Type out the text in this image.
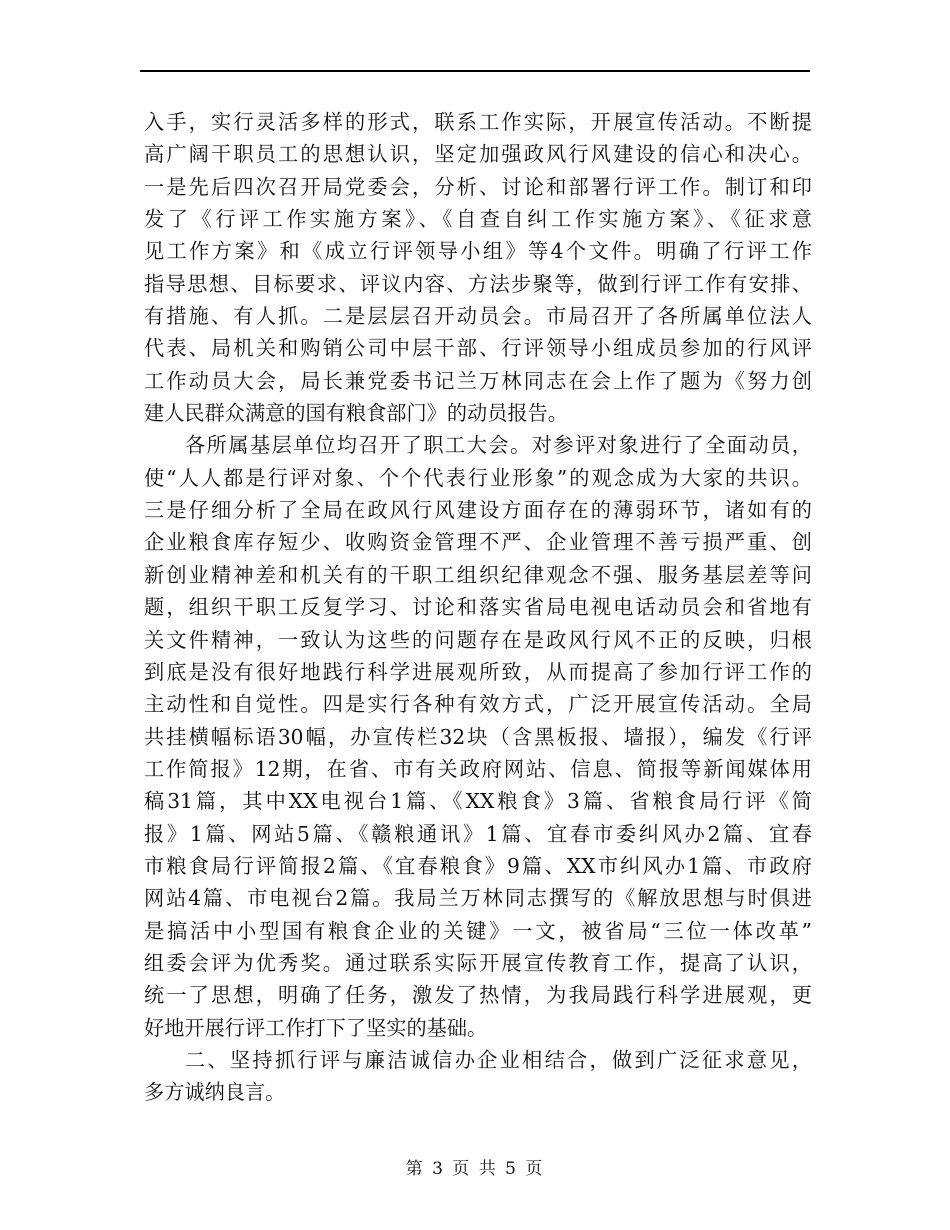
入手，实行灵活多样的形式，联系工作实际，开展宣传活动。不断提
高广阔干职员工的思想认识，坚定加强政风行风建设的信心和决心。
一是先后四次召开局党委会，分析、讨论和部署行评工作。制订和印
发了《行评工作实施方案》、《自查自纠工作实施方案》、《征求意
见工作方案》和《成立行评领导小组》等4个文件。明确了行评工作
指导思想、目标要求、评议内容、方法步聚等，做到行评工作有安排、
有措施、有人抓。二是层层召开动员会。市局召开了各所属单位法人
代表、局机关和购销公司中层干部、行评领导小组成员参加的行风评
工作动员大会，局长兼党委书记兰万林同志在会上作了题为《努力创
建人民群众满意的国有粮食部门》的动员报告。
各所属基层单位均召开了职工大会。对参评对象进行了全面动员，
使“人人都是行评对象、个个代表行业形象”的观念成为大家的共识。
三是仔细分析了全局在政风行风建设方面存在的薄弱环节，诸如有的
企业粮食库存短少、收购资金管理不严、企业管理不善亏损严重、创
新创业精神差和机关有的干职工组织纪律观念不强、服务基层差等问
题，组织干职工反复学习、讨论和落实省局电视电话动员会和省地有
关文件精神，一致认为这些的问题存在是政风行风不正的反映，归根
到底是没有很好地践行科学进展观所致，从而提高了参加行评工作的
主动性和自觉性。四是实行各种有效方式，广泛开展宣传活动。全局
共挂横幅标语30幅，办宣传栏32块（含黑板报、墙报），编发《行评
工作简报》12期，在省、市有关政府网站、信息、简报等新闻媒体用
稿31篇，其中XX电视台1篇、《XX粮食》3篇、省粮食局行评《简
报》1篇、网站5篇、《赣粮通讯》1篇、宜春市委纠风办2篇、宜春
市粮食局行评简报2篇、《宜春粮食》9篇、XX市纠风办1篇、市政府
网站4篇、市电视台2篇。我局兰万林同志撰写的《解放思想与时俱进
是搞活中小型国有粮食企业的关键》一文，被省局“三位一体改革”
组委会评为优秀奖。通过联系实际开展宣传教育工作，提高了认识，
统一了思想，明确了任务，激发了热情，为我局践行科学进展观，更
好地开展行评工作打下了坚实的基础。
二、坚持抓行评与廉洁诚信办企业相结合，做到广泛征求意见，
多方诚纳良言。
第 3 页 共 5 页
